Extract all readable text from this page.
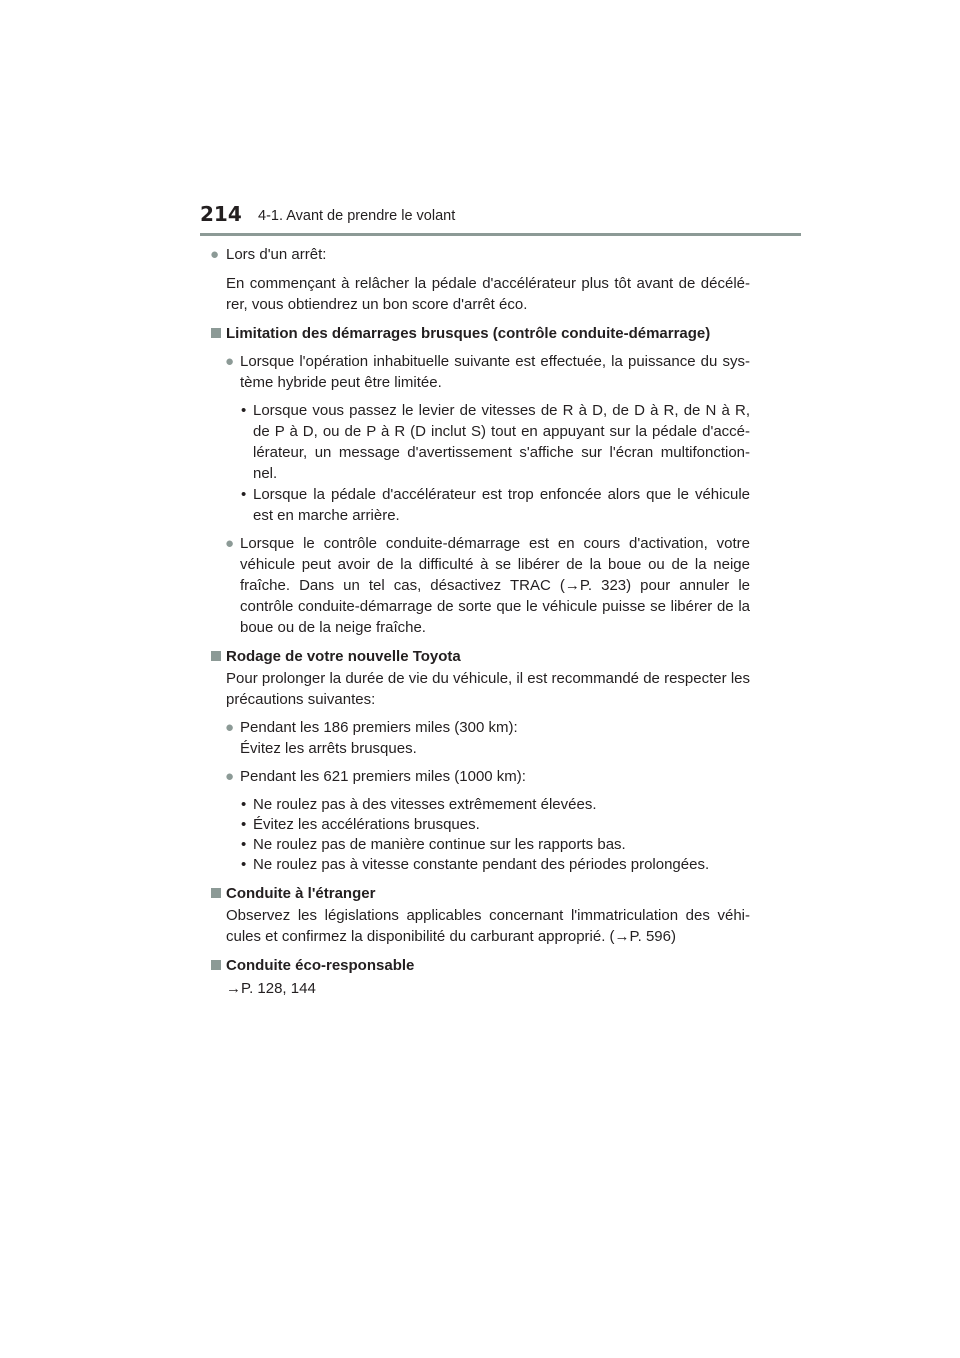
214 4-1. Avant de prendre le volant
● Lors d'un arrêt:
En commençant à relâcher la pédale d'accélérateur plus tôt avant de décélé-rer, vous obtiendrez un bon score d'arrêt éco.
Limitation des démarrages brusques (contrôle conduite-démarrage)
● Lorsque l'opération inhabituelle suivante est effectuée, la puissance du sys-tème hybride peut être limitée.
• Lorsque vous passez le levier de vitesses de R à D, de D à R, de N à R, de P à D, ou de P à R (D inclut S) tout en appuyant sur la pédale d'accé-lérateur, un message d'avertissement s'affiche sur l'écran multifonction-nel.
• Lorsque la pédale d'accélérateur est trop enfoncée alors que le véhicule est en marche arrière.
● Lorsque le contrôle conduite-démarrage est en cours d'activation, votre véhicule peut avoir de la difficulté à se libérer de la boue ou de la neige fraîche. Dans un tel cas, désactivez TRAC (→P. 323) pour annuler le contrôle conduite-démarrage de sorte que le véhicule puisse se libérer de la boue ou de la neige fraîche.
Rodage de votre nouvelle Toyota
Pour prolonger la durée de vie du véhicule, il est recommandé de respecter les précautions suivantes:
● Pendant les 186 premiers miles (300 km):
Évitez les arrêts brusques.
● Pendant les 621 premiers miles (1000 km):
• Ne roulez pas à des vitesses extrêmement élevées.
• Évitez les accélérations brusques.
• Ne roulez pas de manière continue sur les rapports bas.
• Ne roulez pas à vitesse constante pendant des périodes prolongées.
Conduite à l'étranger
Observez les législations applicables concernant l'immatriculation des véhi-cules et confirmez la disponibilité du carburant approprié. (→P. 596)
Conduite éco-responsable
→P. 128, 144
